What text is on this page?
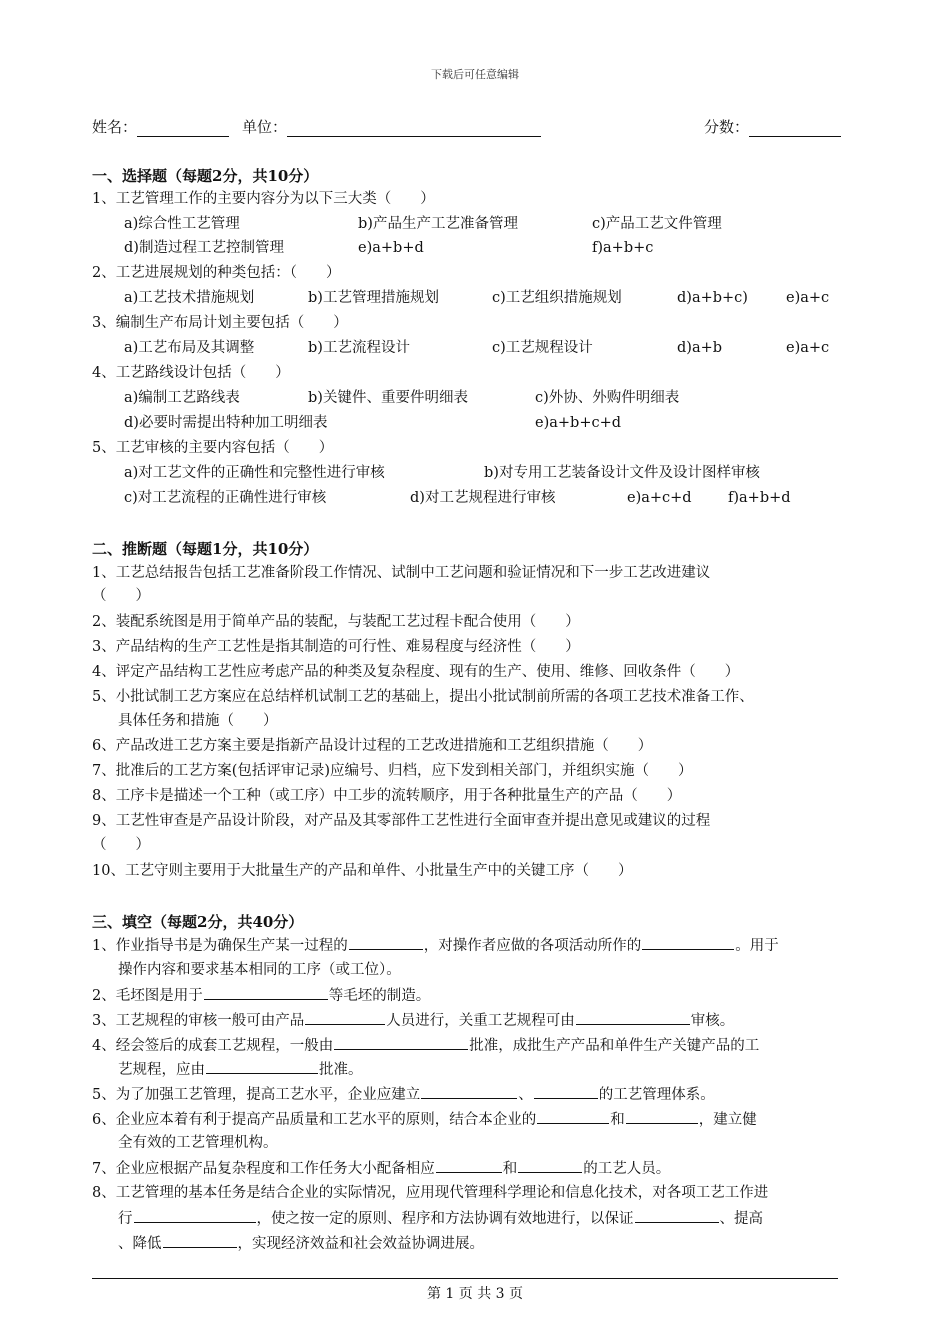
下载后可任意编辑
姓名：	单位：	分数：
一、选择题（每题2分，共10分）
1、工艺管理工作的主要内容分为以下三大类（　　）
a)综合性工艺管理	b)产品生产工艺准备管理	c)产品工艺文件管理
d)制造过程工艺控制管理	e)a+b+d	f)a+b+c
2、工艺进展规划的种类包括：（　　）
a)工艺技术措施规划	b)工艺管理措施规划	c)工艺组织措施规划	d)a+b+c)	e)a+c
3、编制生产布局计划主要包括（　　）
a)工艺布局及其调整	b)工艺流程设计	c)工艺规程设计	d)a+b	e)a+c
4、工艺路线设计包括（　　）
a)编制工艺路线表	b)关键件、重要件明细表	c)外协、外购件明细表
d)必要时需提出特种加工明细表	e)a+b+c+d
5、工艺审核的主要内容包括（　　）
a)对工艺文件的正确性和完整性进行审核	b)对专用工艺装备设计文件及设计图样审核
c)对工艺流程的正确性进行审核	d)对工艺规程进行审核	e)a+c+d	f)a+b+d
二、推断题（每题1分，共10分）
1、工艺总结报告包括工艺准备阶段工作情况、试制中工艺问题和验证情况和下一步工艺改进建议
（　　）
2、装配系统图是用于简单产品的装配，与装配工艺过程卡配合使用（　　）
3、产品结构的生产工艺性是指其制造的可行性、难易程度与经济性（　　）
4、评定产品结构工艺性应考虑产品的种类及复杂程度、现有的生产、使用、维修、回收条件（　　）
5、小批试制工艺方案应在总结样机试制工艺的基础上，提出小批试制前所需的各项工艺技术准备工作、
具体任务和措施（　　）
6、产品改进工艺方案主要是指新产品设计过程的工艺改进措施和工艺组织措施（　　）
7、批准后的工艺方案(包括评审记录)应编号、归档，应下发到相关部门，并组织实施（　　）
8、工序卡是描述一个工种（或工序）中工步的流转顺序，用于各种批量生产的产品（　　）
9、工艺性审查是产品设计阶段，对产品及其零部件工艺性进行全面审查并提出意见或建议的过程
（　　）
10、工艺守则主要用于大批量生产的产品和单件、小批量生产中的关键工序（　　）
三、填空（每题2分，共40分）
1、作业指导书是为确保生产某一过程的	，对操作者应做的各项活动所作的	。用于
操作内容和要求基本相同的工序（或工位）。
2、毛坯图是用于	等毛坯的制造。
3、工艺规程的审核一般可由产品	人员进行，关重工艺规程可由	审核。
4、经会签后的成套工艺规程，一般由	批准，成批生产产品和单件生产关键产品的工
艺规程，应由	批准。
5、为了加强工艺管理，提高工艺水平，企业应建立	、	的工艺管理体系。
6、企业应本着有利于提高产品质量和工艺水平的原则，结合本企业的	和	，建立健
全有效的工艺管理机构。
7、企业应根据产品复杂程度和工作任务大小配备相应	和	的工艺人员。
8、工艺管理的基本任务是结合企业的实际情况，应用现代管理科学理论和信息化技术，对各项工艺工作进
行	，使之按一定的原则、程序和方法协调有效地进行，以保证	、提高
、降低	，实现经济效益和社会效益协调进展。
第 1 页 共 3 页
